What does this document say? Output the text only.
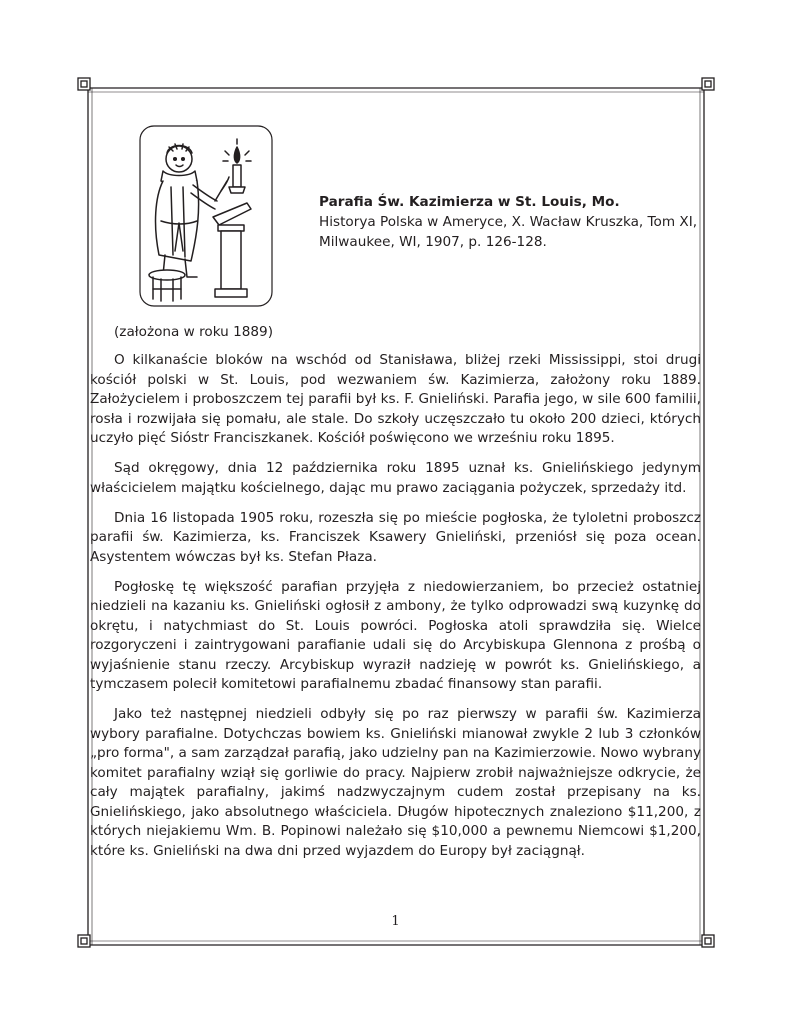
Parafia Św. Kazimierza w St. Louis, Mo.
Historya Polska w Ameryce, X. Wacław Kruszka, Tom XI,
Milwaukee, WI, 1907, p. 126-128.
(założona w roku 1889)

O kilkanaście bloków na wschód od Stanisława, bliżej rzeki Mississippi, stoi drugi kościół polski w St. Louis, pod wezwaniem św. Kazimierza, założony roku 1889. Założycielem i proboszczem tej parafii był ks. F. Gnieliński. Parafia jego, w sile 600 familii, rosła i rozwijała się pomału, ale stale. Do szkoły uczęszczało tu około 200 dzieci, których uczyło pięć Sióstr Franciszkanek. Kościół poświęcono we wrześniu roku 1895.

Sąd okręgowy, dnia 12 października roku 1895 uznał ks. Gnielińskiego jedynym właścicielem majątku kościelnego, dając mu prawo zaciągania pożyczek, sprzedaży itd.

Dnia 16 listopada 1905 roku, rozeszła się po mieście pogłoska, że tyloletni proboszcz parafii św. Kazimierza, ks. Franciszek Ksawery Gnieliński, przeniósł się poza ocean. Asystentem wówczas był ks. Stefan Płaza.

Pogłoskę tę większość parafian przyjęła z niedowierzaniem, bo przecież ostatniej niedzieli na kazaniu ks. Gnieliński ogłosił z ambony, że tylko odprowadzi swą kuzynkę do okrętu, i natychmiast do St. Louis powróci. Pogłoska atoli sprawdziła się. Wielce rozgoryczeni i zaintrygowani parafianie udali się do Arcybiskupa Glennona z prośbą o wyjaśnienie stanu rzeczy. Arcybiskup wyraził nadzieję w powrót ks. Gnielińskiego, a tymczasem polecił komitetowi parafialnemu zbadać finansowy stan parafii.

Jako też następnej niedzieli odbyły się po raz pierwszy w parafii św. Kazimierza wybory parafialne. Dotychczas bowiem ks. Gnieliński mianował zwykle 2 lub 3 członków „pro forma", a sam zarządzał parafią, jako udzielny pan na Kazimierzowie. Nowo wybrany komitet parafialny wziął się gorliwie do pracy. Najpierw zrobił najważniejsze odkrycie, że cały majątek parafialny, jakimś nadzwyczajnym cudem został przepisany na ks. Gnielińskiego, jako absolutnego właściciela. Długów hipotecznych znaleziono $11,200, z których niejakiemu Wm. B. Popinowi należało się $10,000 a pewnemu Niemcowi $1,200, które ks. Gnieliński na dwa dni przed wyjazdem do Europy był zaciągnął.

1
